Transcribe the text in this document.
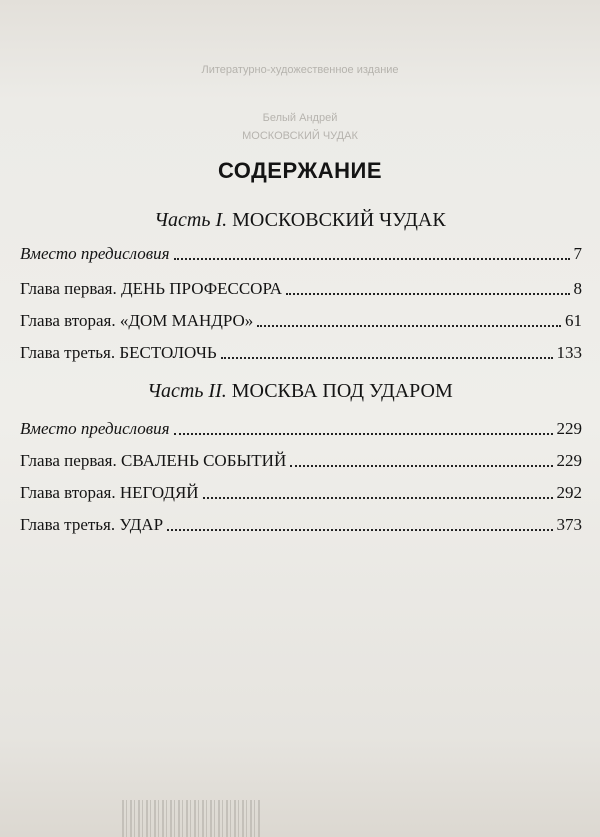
Литературно-художественное издание
Белый Андрей
МОСКОВСКИЙ ЧУДАК
СОДЕРЖАНИЕ
Часть I. МОСКОВСКИЙ ЧУДАК
Вместо предисловия	7
Глава первая. ДЕНЬ ПРОФЕССОРА	8
Глава вторая. «ДОМ МАНДРО»	61
Глава третья. БЕСТОЛОЧЬ	133
Часть II. МОСКВА ПОД УДАРОМ
Вместо предисловия	229
Глава первая. СВАЛЕНЬ СОБЫТИЙ	229
Глава вторая. НЕГОДЯЙ	292
Глава третья. УДАР	373
